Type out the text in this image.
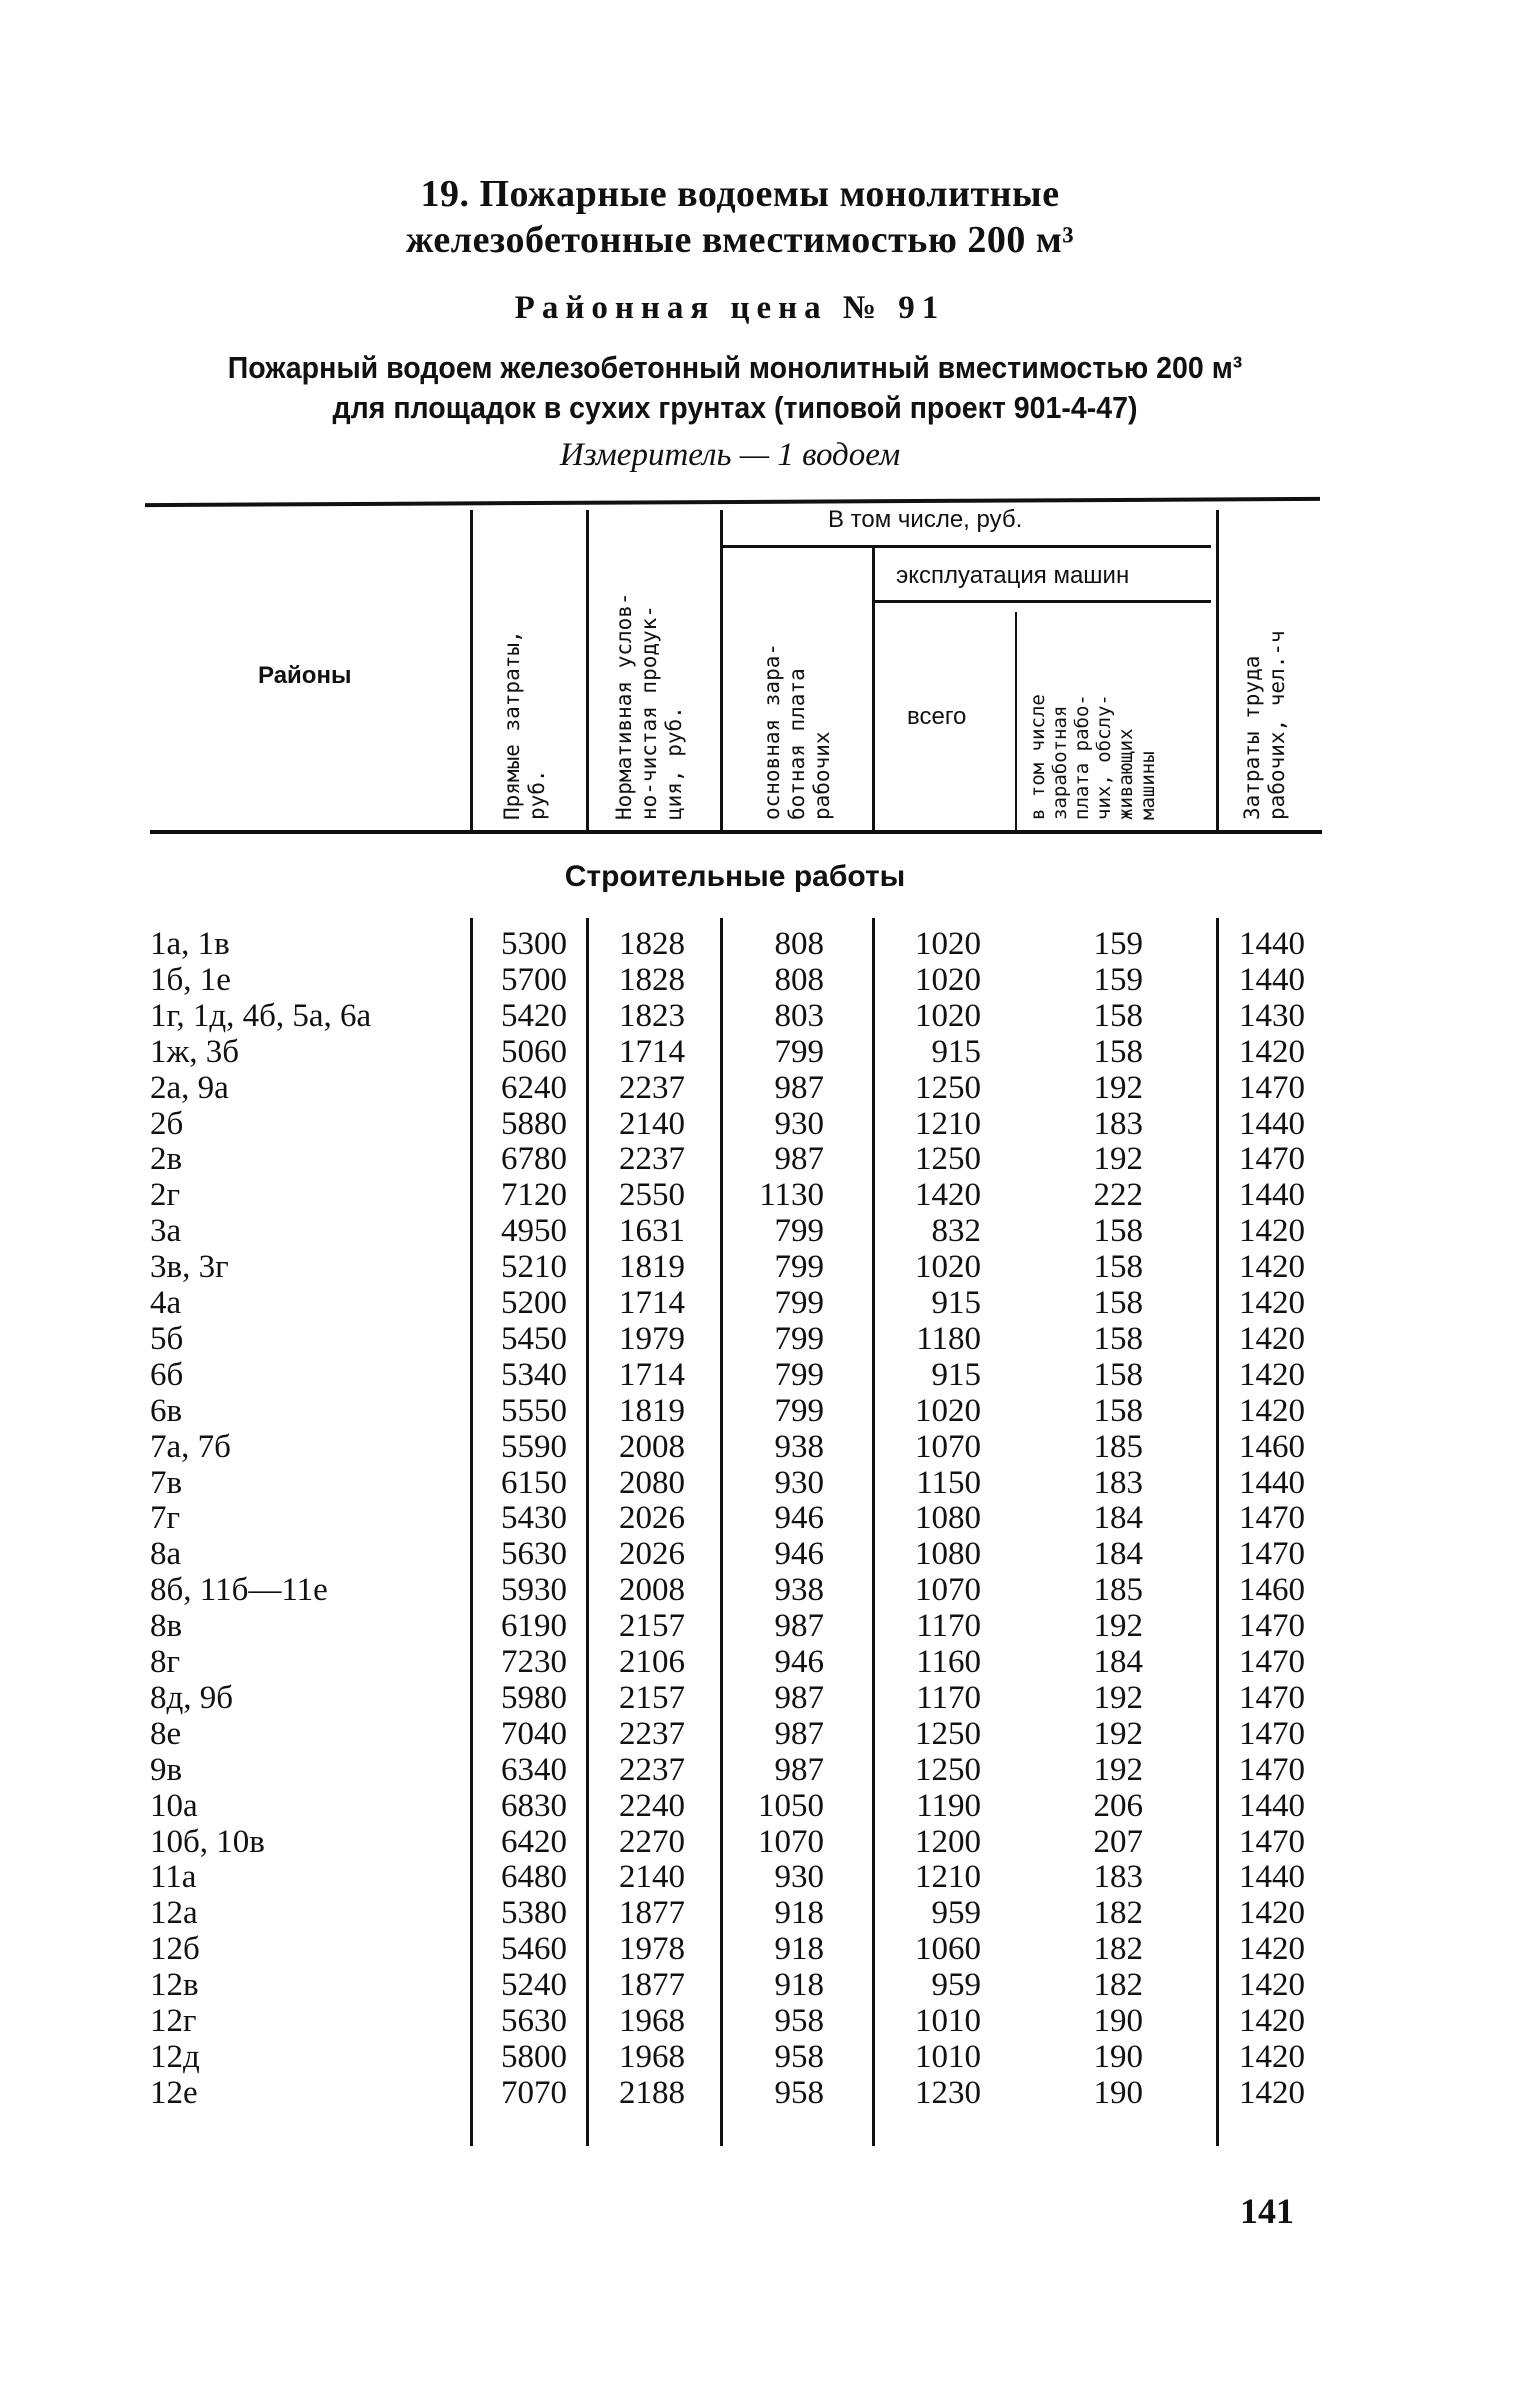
19. Пожарные водоемы монолитные
железобетонные вместимостью 200 м³
Районная цена № 91
Пожарный водоем железобетонный монолитный вместимостью 200 м³
для площадок в сухих грунтах (типовой проект 901-4-47)
Измеритель — 1 водоем
Районы
Прямые затраты,
руб.	Нормативная услов-
но-чистая продук-
ция, руб.
В том числе, руб.
основная зара-
ботная плата
рабочих
эксплуатация машин
всего
в том числе
заработная
плата рабо-
чих, обслу-
живающих
машины	Затраты труда
рабочих, чел.-ч
Строительные работы
1а, 1в	5300 1828	808	1020	159	1440
1б, 1е	5700 1828	808	1020	159	1440
1г, 1д, 4б, 5а, 6а	5420 1823	803	1020	158	1430
1ж, 3б	5060 1714	799	915	158	1420
2а, 9а	6240 2237	987	1250	192	1470
2б	5880 2140	930	1210	183	1440
2в	6780 2237	987	1250	192	1470
2г	7120 2550 1130	1420	222	1440
3а	4950 1631	799	832	158	1420
3в, 3г	5210 1819	799	1020	158	1420
4а	5200 1714	799	915	158	1420
5б	5450 1979	799	1180	158	1420
6б	5340 1714	799	915	158	1420
6в	5550 1819	799	1020	158	1420
7а, 7б	5590 2008	938	1070	185	1460
7в	6150 2080	930	1150	183	1440
7г	5430 2026	946	1080	184	1470
8а	5630 2026	946	1080	184	1470
8б, 11б—11е	5930 2008	938	1070	185	1460
8в	6190 2157	987	1170	192	1470
8г	7230 2106	946	1160	184	1470
8д, 9б	5980 2157	987	1170	192	1470
8е	7040 2237	987	1250	192	1470
9в	6340 2237	987	1250	192	1470
10а	6830 2240 1050	1190	206	1440
10б, 10в	6420 2270 1070	1200	207	1470
11а	6480 2140	930	1210	183	1440
12а	5380 1877	918	959	182	1420
12б	5460 1978	918	1060	182	1420
12в	5240 1877	918	959	182	1420
12г	5630 1968	958	1010	190	1420
12д	5800 1968	958	1010	190	1420
12е	7070 2188	958	1230	190	1420
141
